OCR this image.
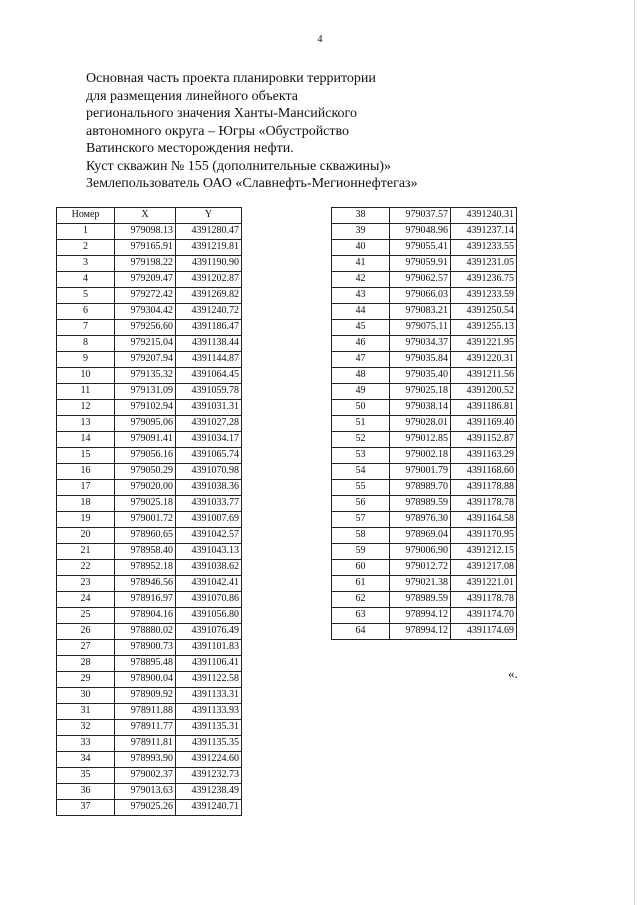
4
Основная часть проекта планировки территории
для размещения линейного объекта
регионального значения Ханты-Мансийского
автономного округа – Югры «Обустройство
Ватинского месторождения нефти.
Куст скважин № 155 (дополнительные скважины)»
Землепользователь ОАО «Славнефть-Мегионнефтегаз»
Номер	X	Y
1	979098.13	4391280.47
2	979165.91	4391219.81
3	979198.22	4391190.90
4	979209.47	4391202.87
5	979272.42	4391269.82
6	979304.42	4391240.72
7	979256.60	4391186.47
8	979215.04	4391138.44
9	979207.94	4391144.87
10	979135.32	4391064.45
11	979131.09	4391059.78
12	979102.94	4391031.31
13	979095.06	4391027.28
14	979091.41	4391034.17
15	979056.16	4391065.74
16	979050.29	4391070.98
17	979020.00	4391038.36
18	979025.18	4391033.77
19	979001.72	4391007.69
20	978960.65	4391042.57
21	978958.40	4391043.13
22	978952.18	4391038.62
23	978946.56	4391042.41
24	978916.97	4391070.86
25	978904.16	4391056.80
26	978880.02	4391076.49
27	978900.73	4391101.83
28	978895.48	4391106.41
29	978900.04	4391122.58
30	978909.92	4391133.31
31	978911.88	4391133.93
32	978911.77	4391135.31
33	978911.81	4391135.35
34	978993.90	4391224.60
35	979002.37	4391232.73
36	979013.63	4391238.49
37	979025.26	4391240.71
38	979037.57	4391240.31
39	979048.96	4391237.14
40	979055.41	4391233.55
41	979059.91	4391231.05
42	979062.57	4391236.75
43	979066.03	4391233.59
44	979083.21	4391250.54
45	979075.11	4391255.13
46	979034.37	4391221.95
47	979035.84	4391220.31
48	979035.40	4391211.56
49	979025.18	4391200.52
50	979038.14	4391186.81
51	979028.01	4391169.40
52	979012.85	4391152.87
53	979002.18	4391163.29
54	979001.79	4391168.60
55	978989.70	4391178.88
56	978989.59	4391178.78
57	978976.30	4391164.58
58	978969.04	4391170.95
59	979006.90	4391212.15
60	979012.72	4391217.08
61	979021.38	4391221.01
62	978989.59	4391178.78
63	978994.12	4391174.70
64	978994.12	4391174.69
«.
